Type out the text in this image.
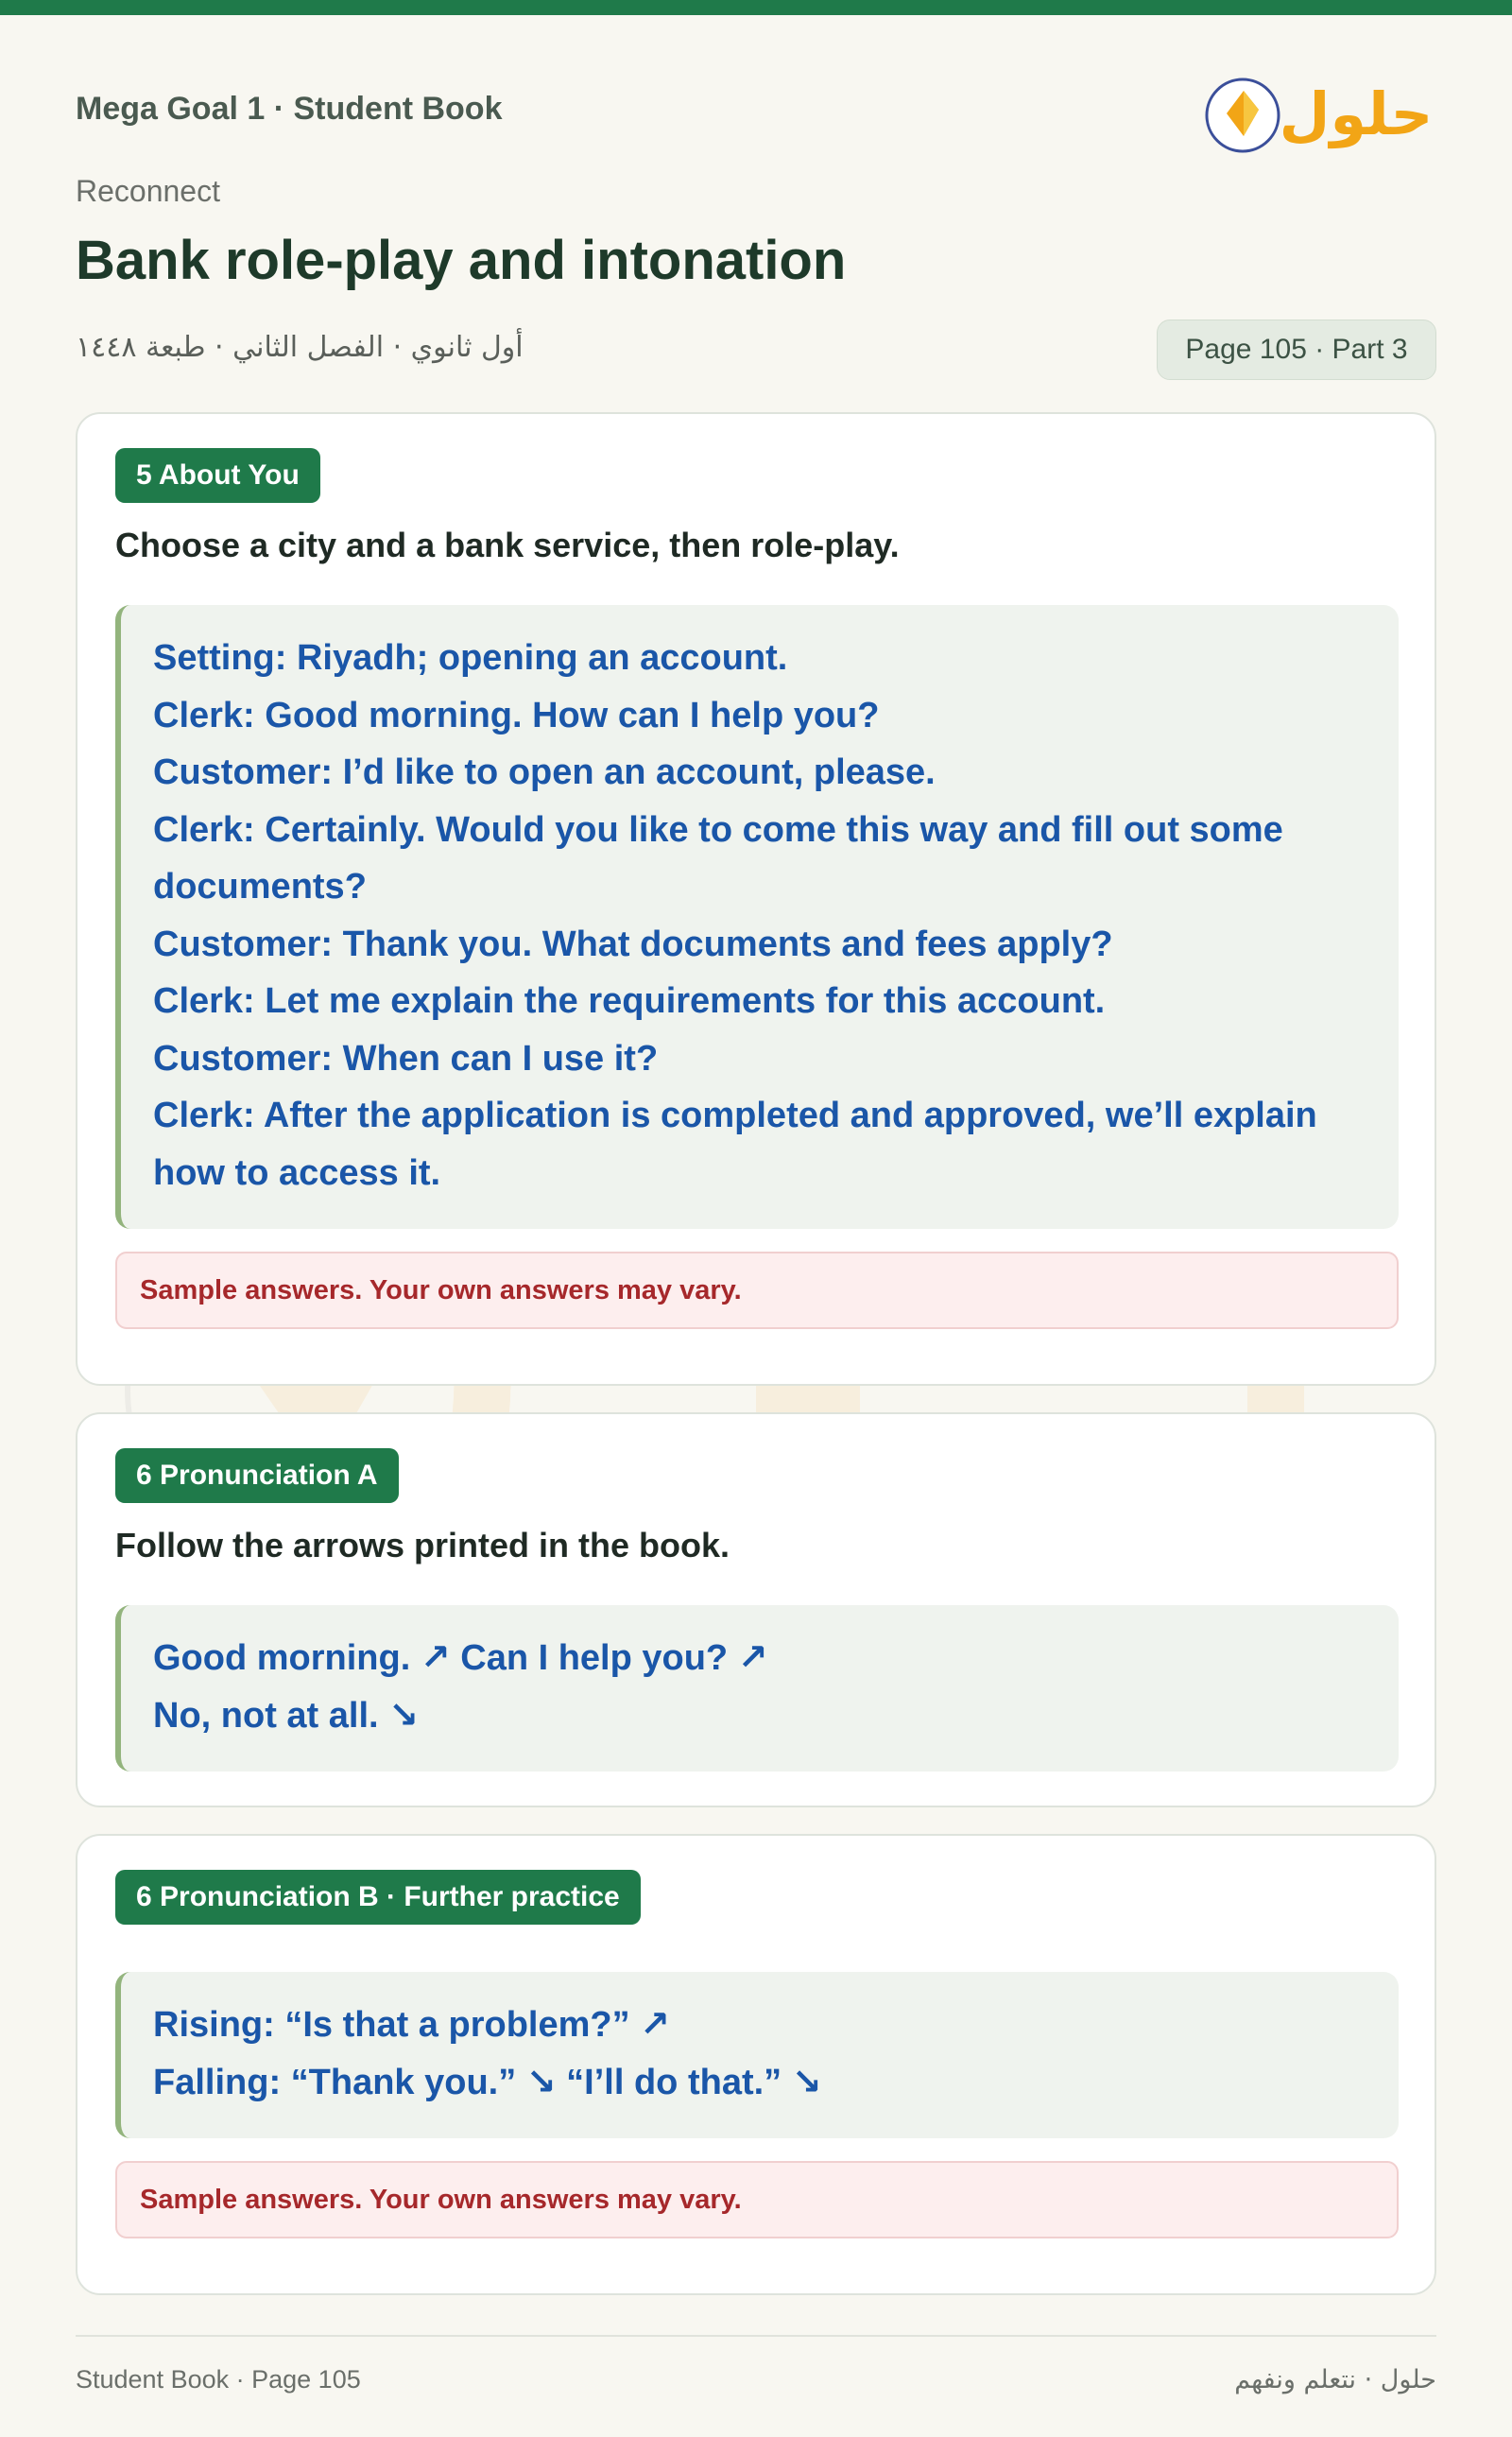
Mega Goal 1 · Student Book	حلول
Reconnect
Bank role-play and intonation
أول ثانوي · الفصل الثاني · طبعة ١٤٤٨	Page 105 · Part 3
5 About You
Choose a city and a bank service, then role-play.
Setting: Riyadh; opening an account.
Clerk: Good morning. How can I help you?
Customer: I’d like to open an account, please.
Clerk: Certainly. Would you like to come this way and fill out some
documents?
Customer: Thank you. What documents and fees apply?
Clerk: Let me explain the requirements for this account.
Customer: When can I use it?
Clerk: After the application is completed and approved, we’ll explain
how to access it.
Sample answers. Your own answers may vary.
6 Pronunciation A
Follow the arrows printed in the book.
Good morning. ↗ Can I help you? ↗
No, not at all. ↘
6 Pronunciation B · Further practice
Rising: “Is that a problem?” ↗
Falling: “Thank you.” ↘ “I’ll do that.” ↘
Sample answers. Your own answers may vary.
Student Book · Page 105	حلول · نتعلم ونفهم
